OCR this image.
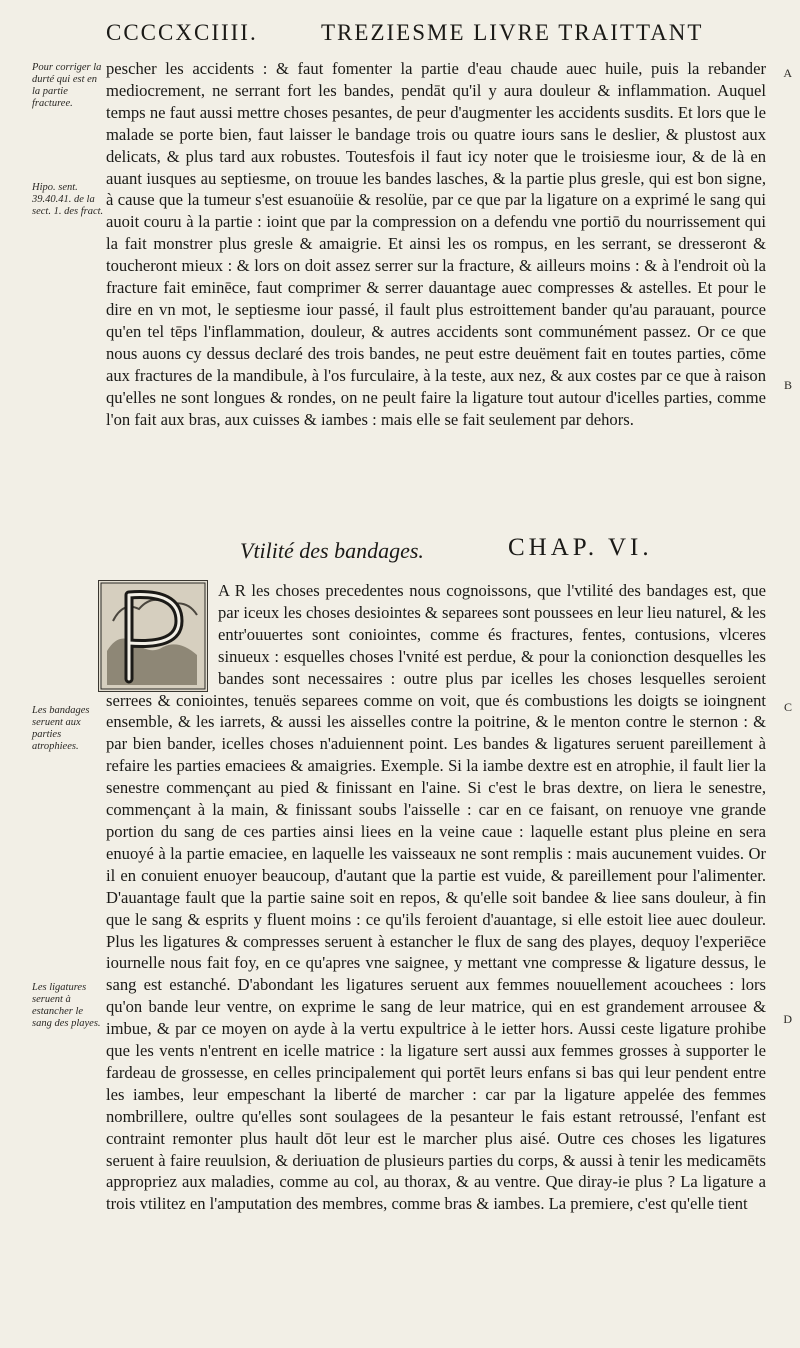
CCCCXCIIII.	TREZIESME LIVRE TRAITTANT
Pour corriger la durté qui est en la partie fracturee.
Hipo. sent. 39.40.41. de la sect. 1. des fract.
Les bandages seruent aux parties atrophiees.
Les ligatures seruent à estancher le sang des playes.
A
B
C
D
pescher les accidents : & faut fomenter la partie d'eau chaude auec huile, puis la rebander mediocrement, ne serrant fort les bandes, pendāt qu'il y aura douleur & inflammation. Auquel temps ne faut aussi mettre choses pesantes, de peur d'augmenter les accidents susdits. Et lors que le malade se porte bien, faut laisser le bandage trois ou quatre iours sans le deslier, & plustost aux delicats, & plus tard aux robustes. Toutesfois il faut icy noter que le troisiesme iour, & de là en auant iusques au septiesme, on trouue les bandes lasches, & la partie plus gresle, qui est bon signe, à cause que la tumeur s'est esuanoüie & resolüe, par ce que par la ligature on a exprimé le sang qui auoit couru à la partie : ioint que par la compression on a defendu vne portiō du nourrissement qui la fait monstrer plus gresle & amaigrie. Et ainsi les os rompus, en les serrant, se dresseront & toucheront mieux : & lors on doit assez serrer sur la fracture, & ailleurs moins : & à l'endroit où la fracture fait eminēce, faut comprimer & serrer dauantage auec compresses & astelles. Et pour le dire en vn mot, le septiesme iour passé, il fault plus estroittement bander qu'au parauant, pource qu'en tel tēps l'inflammation, douleur, & autres accidents sont communément passez. Or ce que nous auons cy dessus declaré des trois bandes, ne peut estre deuëment fait en toutes parties, cōme aux fractures de la mandibule, à l'os furculaire, à la teste, aux nez, & aux costes par ce que à raison qu'elles ne sont longues & rondes, on ne peult faire la ligature tout autour d'icelles parties, comme l'on fait aux bras, aux cuisses & iambes : mais elle se fait seulement par dehors.
Vtilité des bandages.	CHAP. VI.
A R les choses precedentes nous cognoissons, que l'vtilité des bandages est, que par iceux les choses desiointes & separees sont poussees en leur lieu naturel, & les entr'ouuertes sont coniointes, comme és fractures, fentes, contusions, vlceres sinueux : esquelles choses l'vnité est perdue, & pour la conionction desquelles les bandes sont necessaires : outre plus par icelles les choses lesquelles seroient serrees & coniointes, tenuës separees comme on voit, que és combustions les doigts se ioingnent ensemble, & les iarrets, & aussi les aisselles contre la poitrine, & le menton contre le sternon : & par bien bander, icelles choses n'aduiennent point. Les bandes & ligatures seruent pareillement à refaire les parties emaciees & amaigries. Exemple. Si la iambe dextre est en atrophie, il fault lier la senestre commençant au pied & finissant en l'aine. Si c'est le bras dextre, on liera le senestre, commençant à la main, & finissant soubs l'aisselle : car en ce faisant, on renuoye vne grande portion du sang de ces parties ainsi liees en la veine caue : laquelle estant plus pleine en sera enuoyé à la partie emaciee, en laquelle les vaisseaux ne sont remplis : mais aucunement vuides. Or il en conuient enuoyer beaucoup, d'autant que la partie est vuide, & pareillement pour l'alimenter. D'auantage fault que la partie saine soit en repos, & qu'elle soit bandee & liee sans douleur, à fin que le sang & esprits y fluent moins : ce qu'ils feroient d'auantage, si elle estoit liee auec douleur. Plus les ligatures & compresses seruent à estancher le flux de sang des playes, dequoy l'experiēce iournelle nous fait foy, en ce qu'apres vne saignee, y mettant vne compresse & ligature dessus, le sang est estanché. D'abondant les ligatures seruent aux femmes nouuellement acouchees : lors qu'on bande leur ventre, on exprime le sang de leur matrice, qui en est grandement arrousee & imbue, & par ce moyen on ayde à la vertu expultrice à le ietter hors. Aussi ceste ligature prohibe que les vents n'entrent en icelle matrice : la ligature sert aussi aux femmes grosses à supporter le fardeau de grossesse, en celles principalement qui portēt leurs enfans si bas qui leur pendent entre les iambes, leur empeschant la liberté de marcher : car par la ligature appelée des femmes nombrillere, oultre qu'elles sont soulagees de la pesanteur le fais estant retroussé, l'enfant est contraint remonter plus hault dōt leur est le marcher plus aisé. Outre ces choses les ligatures seruent à faire reuulsion, & deriuation de plusieurs parties du corps, & aussi à tenir les medicamēts appropriez aux maladies, comme au col, au thorax, & au ventre. Que diray-ie plus ? La ligature a trois vtilitez en l'amputation des membres, comme bras & iambes. La premiere, c'est qu'elle tient
